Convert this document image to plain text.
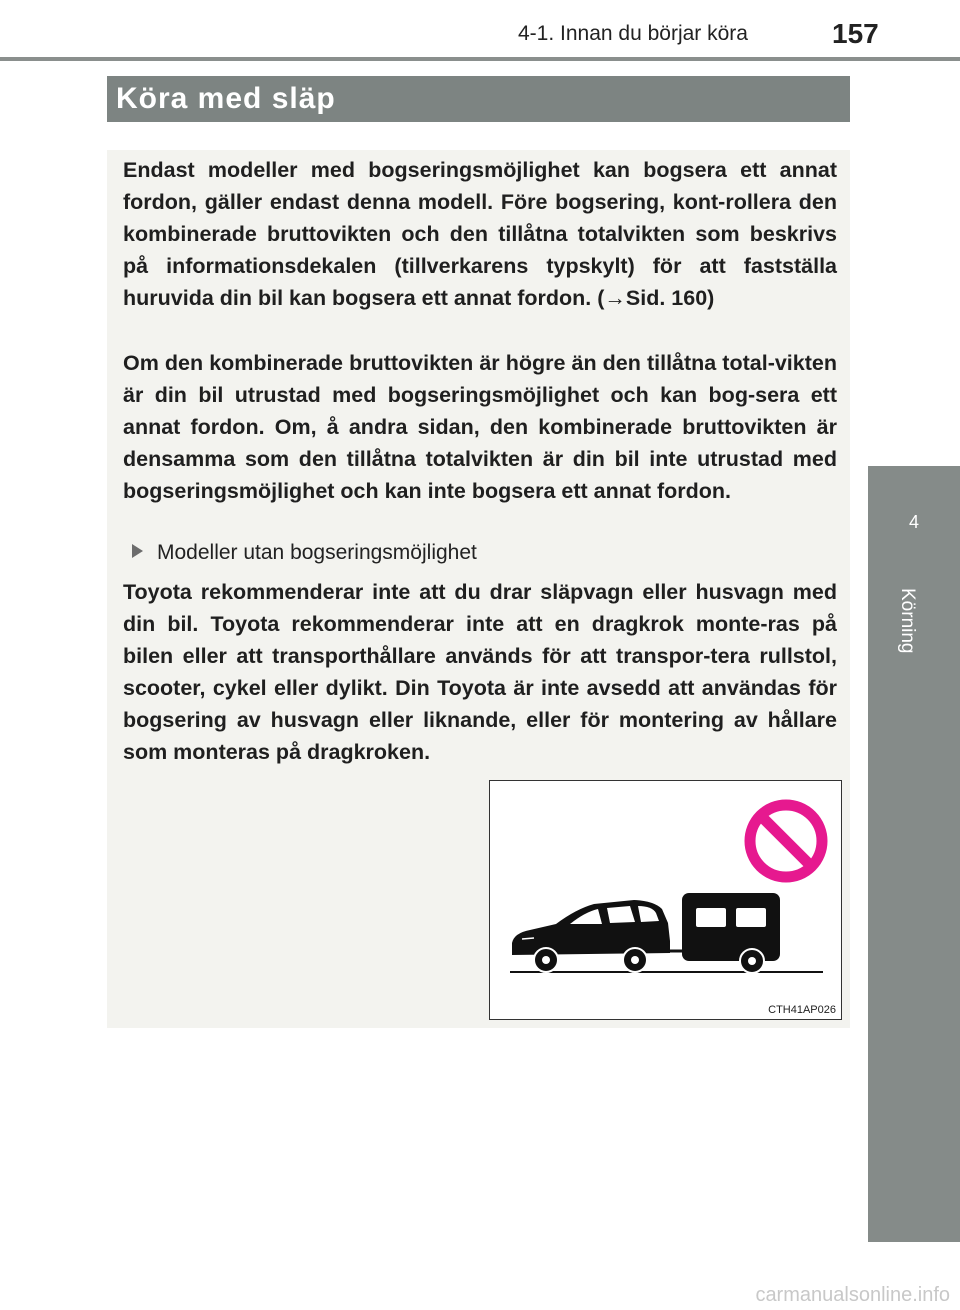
4-1. Innan du börjar köra	157
4
Körning
Köra med släp
Endast modeller med bogseringsmöjlighet kan bogsera ett annat fordon, gäller endast denna modell. Före bogsering, kont-rollera den kombinerade bruttovikten och den tillåtna totalvikten som beskrivs på informationsdekalen (tillverkarens typskylt) för att fastställa huruvida din bil kan bogsera ett annat fordon. (→Sid. 160)
Om den kombinerade bruttovikten är högre än den tillåtna total-vikten är din bil utrustad med bogseringsmöjlighet och kan bog-sera ett annat fordon. Om, å andra sidan, den kombinerade bruttovikten är densamma som den tillåtna totalvikten är din bil inte utrustad med bogseringsmöjlighet och kan inte bogsera ett annat fordon.
Modeller utan bogseringsmöjlighet
Toyota rekommenderar inte att du drar släpvagn eller husvagn med din bil. Toyota rekommenderar inte att en dragkrok monte-ras på bilen eller att transporthållare används för att transpor-tera rullstol, scooter, cykel eller dylikt. Din Toyota är inte avsedd att användas för bogsering av husvagn eller liknande, eller för montering av hållare som monteras på dragkroken.
CTH41AP026
carmanualsonline.info
